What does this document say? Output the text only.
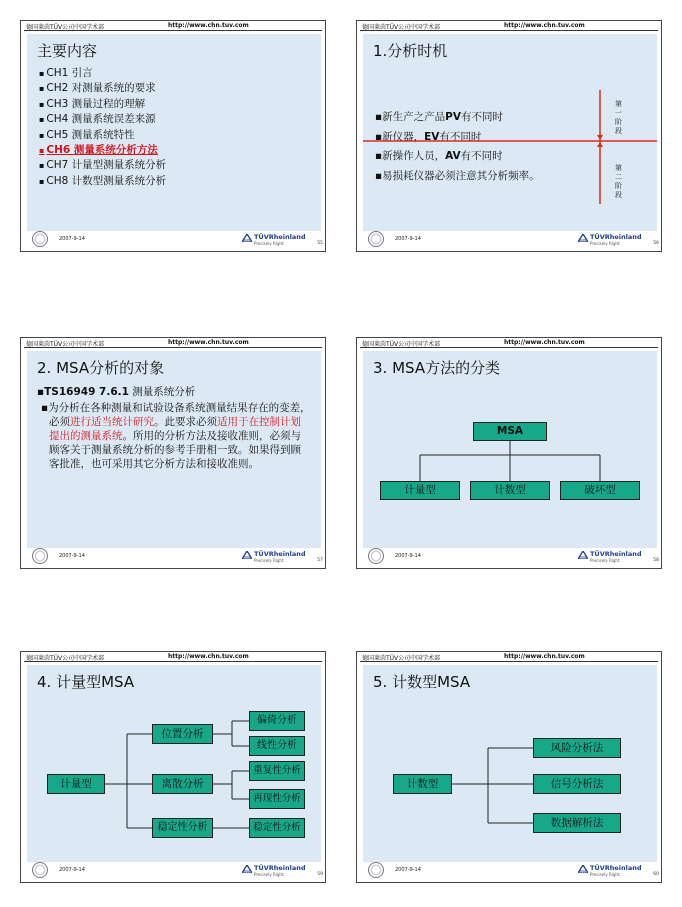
德国莱茵TÜV公司中国学术部	http://www.chn.tuv.com
主要内容
▪ CH1 引言
▪ CH2 对测量系统的要求
▪ CH3 测量过程的理解
▪ CH4 测量系统误差来源
▪ CH5 测量系统特性
▪ CH6 测量系统分析方法
▪ CH7 计量型测量系统分析
▪ CH8 计数型测量系统分析
2007-9-14	TÜVRheinland
Precisely Right.	55
德国莱茵TÜV公司中国学术部	http://www.chn.tuv.com
1.分析时机
▪新生产之产品PV有不同时
▪新仪器，EV有不同时
▪新操作人员，AV有不同时
▪易损耗仪器必须注意其分析频率。
第一阶段
第二阶段
2007-9-14	TÜVRheinland
Precisely Right.	56
德国莱茵TÜV公司中国学术部	http://www.chn.tuv.com
2. MSA分析的对象
▪TS16949 7.6.1 测量系统分析
▪为分析在各种测量和试验设备系统测量结果存在的变差，必须进行适当统计研究。此要求必须适用于在控制计划提出的测量系统。所用的分析方法及接收准则，必须与顾客关于测量系统分析的参考手册相一致。如果得到顾客批准，也可采用其它分析方法和接收准则。
2007-9-14	TÜVRheinland
Precisely Right.	57
德国莱茵TÜV公司中国学术部	http://www.chn.tuv.com
3. MSA方法的分类
MSA
计量型	计数型	破坏型
2007-9-14	TÜVRheinland
Precisely Right.	58
德国莱茵TÜV公司中国学术部	http://www.chn.tuv.com
4. 计量型MSA
计量型
位置分析
离散分析
稳定性分析
偏倚分析
线性分析
重复性分析
再现性分析
稳定性分析
2007-9-14	TÜVRheinland
Precisely Right.	59
德国莱茵TÜV公司中国学术部	http://www.chn.tuv.com
5. 计数型MSA
计数型
风险分析法
信号分析法
数据解析法
2007-9-14	TÜVRheinland
Precisely Right.	60
